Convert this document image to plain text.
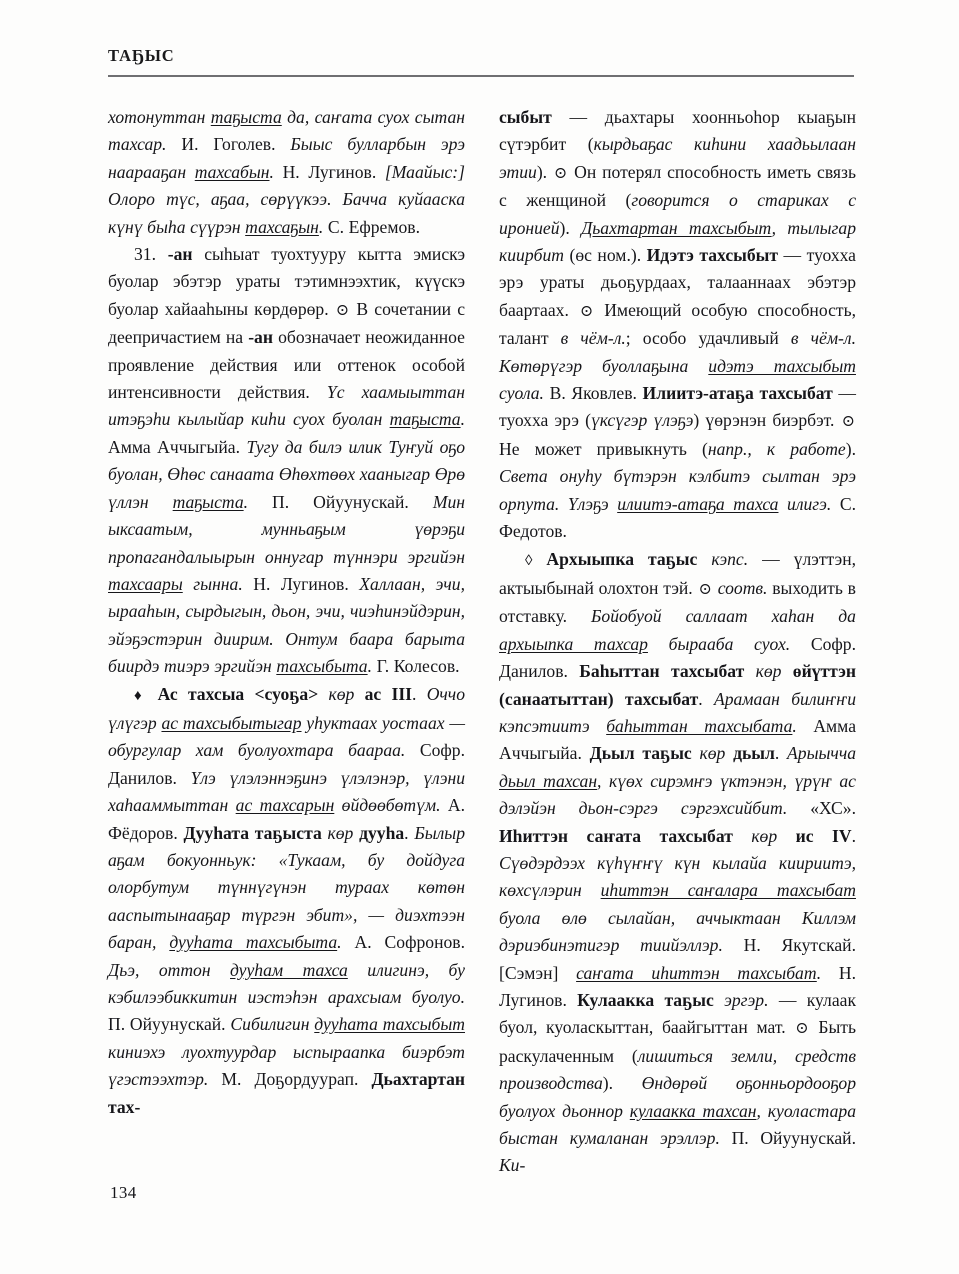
ТАҔЫС

хотонуттан таҕыста да, саҥата суох сытан тахсар. И. Гоголев. Быыс булларбын эрэ наарааҕан тахсабын. Н. Лугинов. [Маайыс:] Олоро түс, аҕаа, сөрүүкээ. Бачча куйааска күнү быһа сүүрэн тахсаҕын. С. Ефремов.

31. -ан сыһыат туохтууру кытта эмискэ буолар эбэтэр ураты тэтимнээхтик, күүскэ буолар хайааһыны көрдөрөр. ⊙ В сочетании с деепричастием на -ан обозначает неожиданное проявление действия или оттенок особой интенсивности действия. Үс хаамыыттан итэҕэһи кылыйар киһи суох буолан таҕыста. Амма Аччыгыйа. Тугу да билэ илик Туҥуй оҕо буолан, Өһөс санаата Өһөхтөөх хааныгар Өрө үллэн таҕыста. П. Ойуунускай. Мин ыксаатым, мунньаҕым үөрэҕи пропагандалыырын оннугар түннэри эргийэн тахсаары гынна. Н. Лугинов. Халлаан, эчи, ырааһын, сырдыгын, дьон, эчи, чиэһинэйдэрин, эйэҕэстэрин диирим. Онтум баара барыта биирдэ тиэрэ эргийэн тахсыбыта. Г. Колесов.

♦ Ас тахсыа <суоҕа> көр ас III. Оччо үлүгэр ас тахсыбытыгар уһуктаах уостаах — обургулар хам буолуохтара баараа. Софр. Данилов. Үлэ үлэлэннэҕинэ үлэлэнэр, үлэни хаһааммыттан ас тахсарын өйдөөбөтүм. А. Фёдоров. Дууһата таҕыста көр дууһа. Былыр аҕам бокуонньук: «Тукаам, бу дойдуга олорбутум түннүгүнэн тураах көтөн ааспытынааҕар түргэн эбит», — диэхтээн баран, дууһата тахсыбыта. А. Софронов. Дьэ, оттон дууһам тахса илигинэ, бу кэбилээбиккитин иэстэһэн арахсыам буолуо. П. Ойуунускай. Сибилигин дууһата тахсыбыт киниэхэ луохтуурдар ыспыраапка биэрбэт үгэстээхтэр. М. Доҕордуурап. Дьахтартан тах-

сыбыт — дьахтары хоонньоһор кыаҕын сүтэрбит (кырдьаҕас киһини хаадьылаан этии). ⊙ Он потерял способность иметь связь с женщиной (говорится о стариках с иронией). Дьахтартан тахсыбыт, тылыгар киирбит (өс ном.). Идэтэ тахсыбыт — туохха эрэ ураты дьоҕурдаах, талааннаах эбэтэр баартаах. ⊙ Имеющий особую способность, талант в чём-л.; особо удачливый в чём-л. Көтөрүгэр буоллаҕына идэтэ тахсыбыт суола. В. Яковлев. Илиитэ-атаҕа тахсыбат — туохха эрэ (үксүгэр үлэҕэ) үөрэнэн биэрбэт. ⊙ Не может привыкнуть (напр., к работе). Света онуһу бүтэрэн кэлбитэ сылтан эрэ орпута. Үлэҕэ илиитэ-атаҕа тахса илигэ. С. Федотов.

◊ Архыыпка таҕыс кэпс. — үлэттэн, актыыбынай олохтон тэй. ⊙ соотв. выходить в отставку. Бойобуой саллаат хаһан да архыыпка тахсар бырааба суох. Софр. Данилов. Баһыттан тахсыбат көр өйүттэн (санаатыттан) тахсыбат. Арамаан билиҥҥи кэпсэтиитэ баһыттан тахсыбата. Амма Аччыгыйа. Дьыл таҕыс көр дьыл. Арыычча дьыл тахсан, күөх сирэмҥэ үктэнэн, үрүҥ ас дэлэйэн дьон-сэргэ сэргэхсийбит. «ХС». Иһиттэн саҥата тахсыбат көр ис IV. Сүөдэрдээх күһүҥҥү күн кылайа киириитэ, көхсүлэрин иһиттэн саҥалара тахсыбат буола өлө сылайан, аччыктаан Киллэм дэриэбинэтигэр тиийэллэр. Н. Якутскай. [Сэмэн] саҥата иһиттэн тахсыбат. Н. Лугинов. Кулаакка таҕыс эргэр. — кулаак буол, куоласкыттан, баайгыттан мат. ⊙ Быть раскулаченным (лишиться земли, средств производства). Өндөрөй оҕонньордооҕор буолуох дьоннор кулаакка тахсан, куоластара быстан кумаланан эрэллэр. П. Ойуунускай. Ки-

134
